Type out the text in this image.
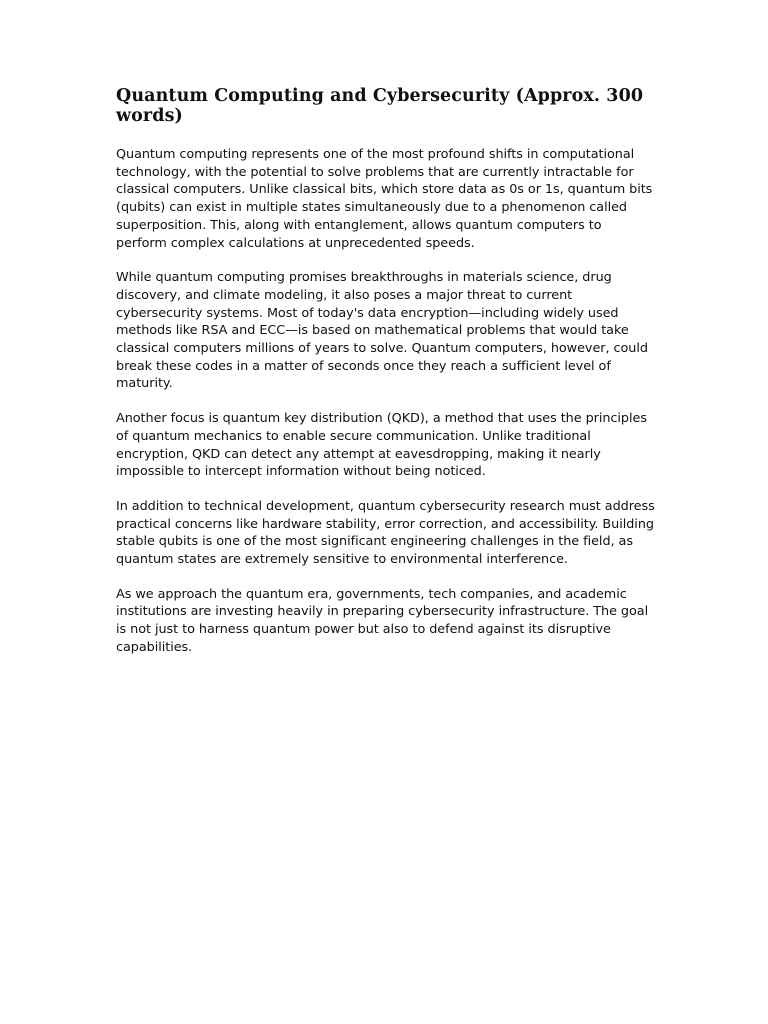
Quantum Computing and Cybersecurity (Approx. 300 words)

Quantum computing represents one of the most profound shifts in computational technology, with the potential to solve problems that are currently intractable for classical computers. Unlike classical bits, which store data as 0s or 1s, quantum bits (qubits) can exist in multiple states simultaneously due to a phenomenon called superposition. This, along with entanglement, allows quantum computers to perform complex calculations at unprecedented speeds.

While quantum computing promises breakthroughs in materials science, drug discovery, and climate modeling, it also poses a major threat to current cybersecurity systems. Most of today's data encryption—including widely used methods like RSA and ECC—is based on mathematical problems that would take classical computers millions of years to solve. Quantum computers, however, could break these codes in a matter of seconds once they reach a sufficient level of maturity.

Another focus is quantum key distribution (QKD), a method that uses the principles of quantum mechanics to enable secure communication. Unlike traditional encryption, QKD can detect any attempt at eavesdropping, making it nearly impossible to intercept information without being noticed.

In addition to technical development, quantum cybersecurity research must address practical concerns like hardware stability, error correction, and accessibility. Building stable qubits is one of the most significant engineering challenges in the field, as quantum states are extremely sensitive to environmental interference.

As we approach the quantum era, governments, tech companies, and academic institutions are investing heavily in preparing cybersecurity infrastructure. The goal is not just to harness quantum power but also to defend against its disruptive capabilities.
